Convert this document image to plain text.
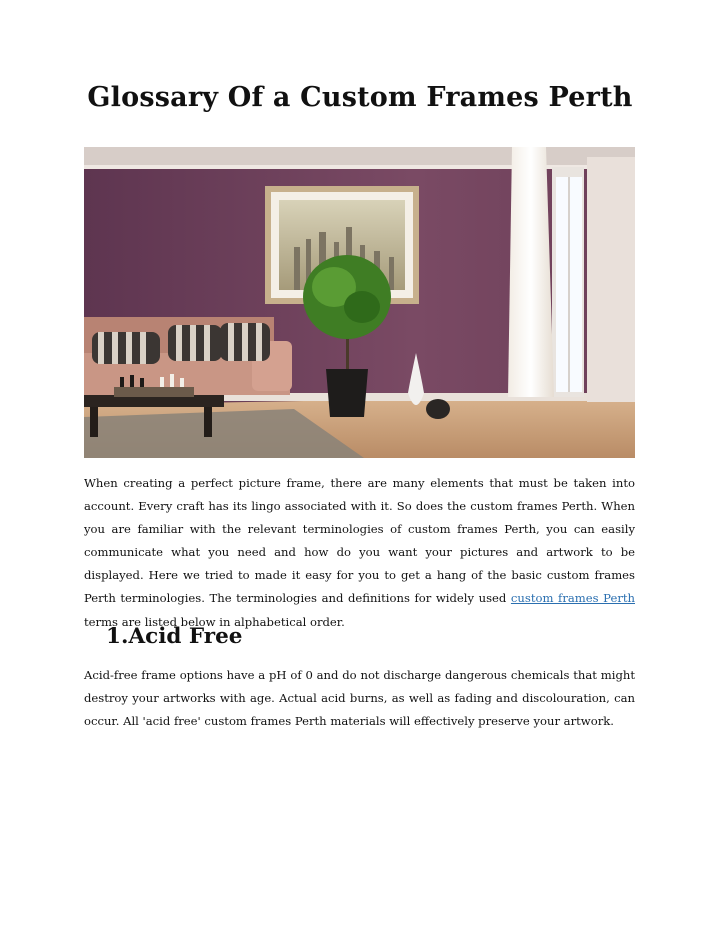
Glossary Of a Custom Frames Perth

When creating a perfect picture frame, there are many elements that must be taken into account. Every craft has its lingo associated with it. So does the custom frames Perth. When you are familiar with the relevant terminologies of custom frames Perth, you can easily communicate what you need and how do you want your pictures and artwork to be displayed. Here we tried to made it easy for you to get a hang of the basic custom frames Perth terminologies. The terminologies and definitions for widely used custom frames Perth terms are listed below in alphabetical order.

1.Acid Free

Acid-free frame options have a pH of 0 and do not discharge dangerous chemicals that might destroy your artworks with age. Actual acid burns, as well as fading and discolouration, can occur. All 'acid free' custom frames Perth materials will effectively preserve your artwork.
